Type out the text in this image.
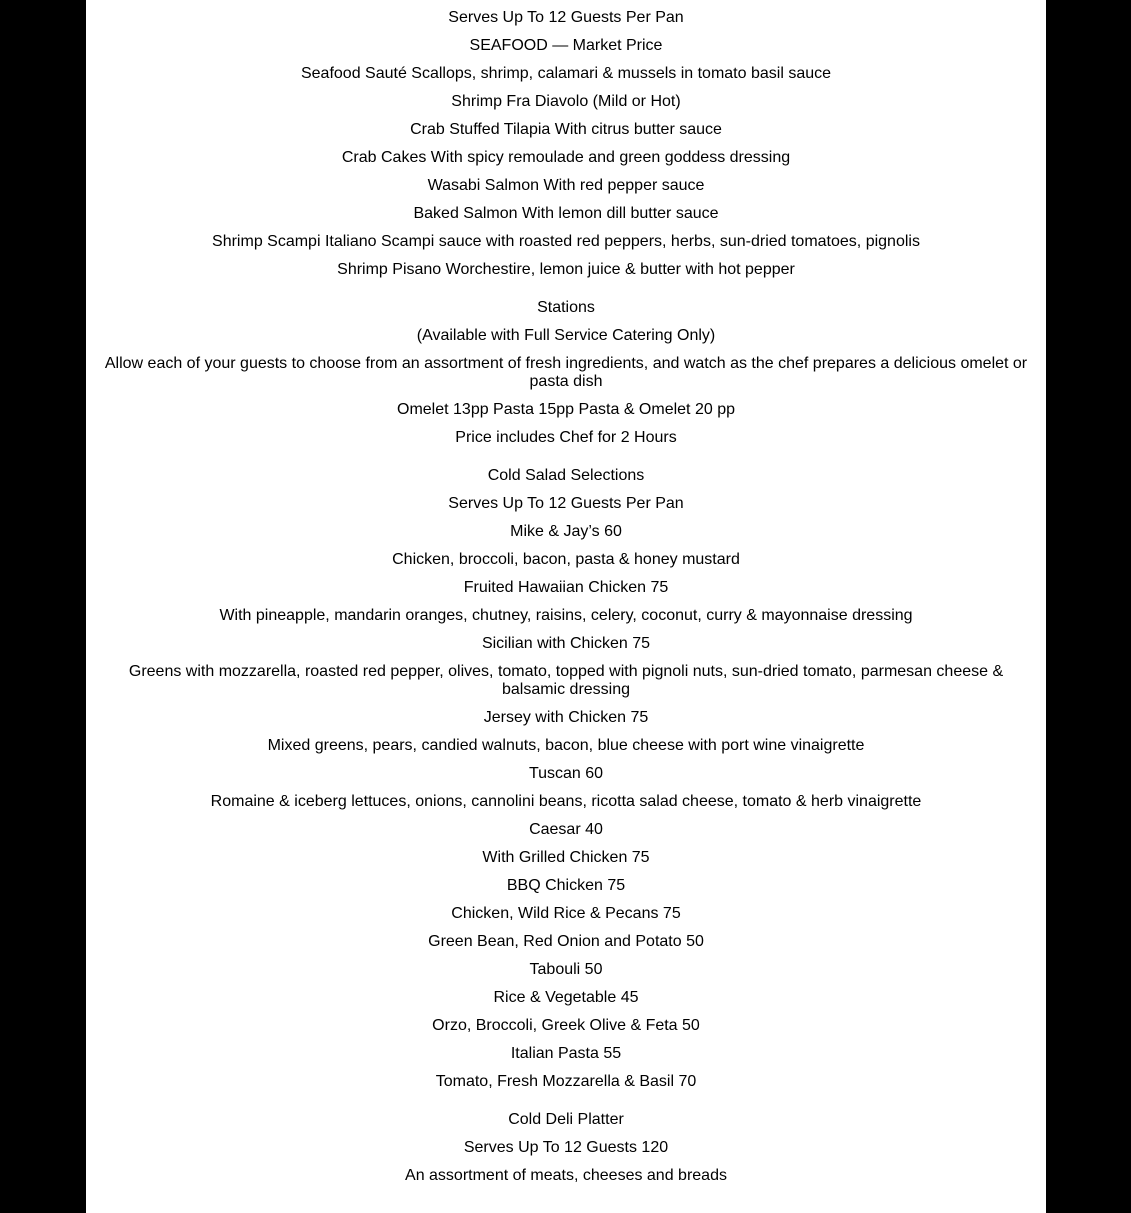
Serves Up To 12 Guests Per Pan
SEAFOOD — Market Price
Seafood Sauté Scallops, shrimp, calamari & mussels in tomato basil sauce
Shrimp Fra Diavolo (Mild or Hot)
Crab Stuffed Tilapia With citrus butter sauce
Crab Cakes With spicy remoulade and green goddess dressing
Wasabi Salmon With red pepper sauce
Baked Salmon With lemon dill butter sauce
Shrimp Scampi Italiano Scampi sauce with roasted red peppers, herbs, sun-dried tomatoes, pignolis
Shrimp Pisano Worchestire, lemon juice & butter with hot pepper
Stations
(Available with Full Service Catering Only)
Allow each of your guests to choose from an assortment of fresh ingredients, and watch as the chef prepares a delicious omelet or pasta dish
Omelet 13pp Pasta 15pp Pasta & Omelet 20 pp
Price includes Chef for 2 Hours
Cold Salad Selections
Serves Up To 12 Guests Per Pan
Mike & Jay’s 60
Chicken, broccoli, bacon, pasta & honey mustard
Fruited Hawaiian Chicken 75
With pineapple, mandarin oranges, chutney, raisins, celery, coconut, curry & mayonnaise dressing
Sicilian with Chicken 75
Greens with mozzarella, roasted red pepper, olives, tomato, topped with pignoli nuts, sun-dried tomato, parmesan cheese & balsamic dressing
Jersey with Chicken 75
Mixed greens, pears, candied walnuts, bacon, blue cheese with port wine vinaigrette
Tuscan 60
Romaine & iceberg lettuces, onions, cannolini beans, ricotta salad cheese, tomato & herb vinaigrette
Caesar 40
With Grilled Chicken 75
BBQ Chicken 75
Chicken, Wild Rice & Pecans 75
Green Bean, Red Onion and Potato 50
Tabouli 50
Rice & Vegetable 45
Orzo, Broccoli, Greek Olive & Feta 50
Italian Pasta 55
Tomato, Fresh Mozzarella & Basil 70
Cold Deli Platter
Serves Up To 12 Guests 120
An assortment of meats, cheeses and breads
